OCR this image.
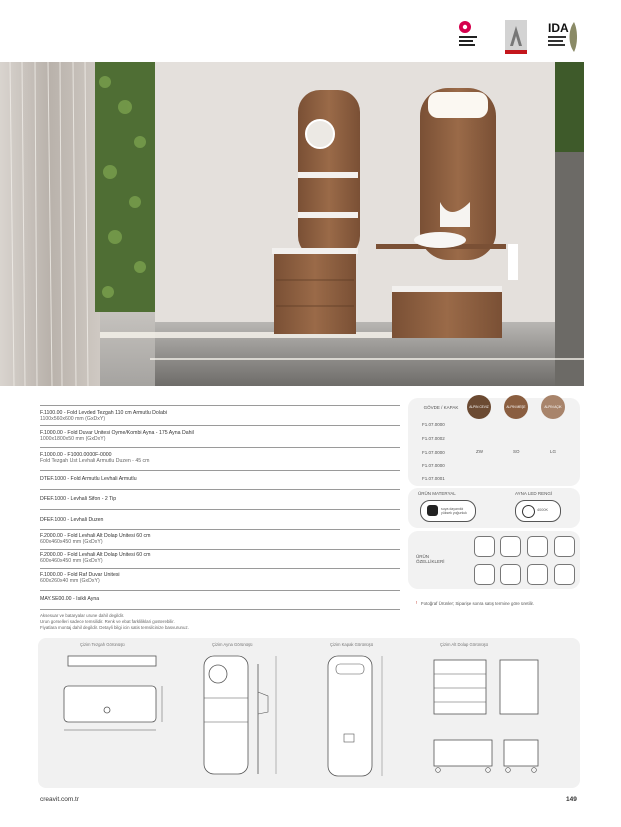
IDA
F.1100.00 - Fold Levded Tezgah 110 cm Armutlu Dolabi
1100x560x600 mm (GxDxY)
F.1000.00 - Fold Duvar Unitesi Oyme/Kombi Ayna - 175 Ayna Dahil
1000x1800x50 mm (GxDxY)
F.1000.00 - F1000.0000F-0000
Fold Tezgah Ust Levhali Armutlu Duzen - 45 cm
DTEF.1000 - Fold Armutlu Levhali Armutlu
DFEF.1000 - Levhali Sifon - 2 Tip
DFEF.1000 - Levhali Duzen
F.2000.00 - Fold Levhali Alt Dolap Unitesi 60 cm
600x460x450 mm (GxDxY)
F.2000.00 - Fold Levhali Alt Dolap Unitesi 60 cm
600x460x450 mm (GxDxY)
F.1000.00 - Fold Raf Duvar Unitesi
600x260x40 mm (GxDxY)
MAY.SE00.00 - Isikli Ayna
Aksesuar ve bataryalar urune dahil degildir.
Urun gorselleri sadece temsilidir. Renk ve ebat farkliliklari gosterebilir.
Fiyatlara montaj dahil degildir. Detayli bilgi icin satis temsilcinize basvurunuz.
GÖVDE / KAPAK	ALPIN CEVIZ	ALPIN MEŞE	ALPIN AÇIK
F1.07.0000
F1.07.0002
F1.07.0000
F1.07.0000
F1.07.0001
ZW	SO	LG
ÜRÜN MATERYAL
suya dayanıklı yüksek yoğunluk
AYNA LED RENGİ
4000K
ÜRÜN ÖZELLİKLERİ
! Fotoğraf Ürünler; Siparişe sonra satış termine göre üretilir.
Çizim Tezgah Görünüşü	Çizim Ayna Görünüşü	Çizim Kapak Görünüşü	Çizim Alt Dolap Görünüşü
creavit.com.tr	149
